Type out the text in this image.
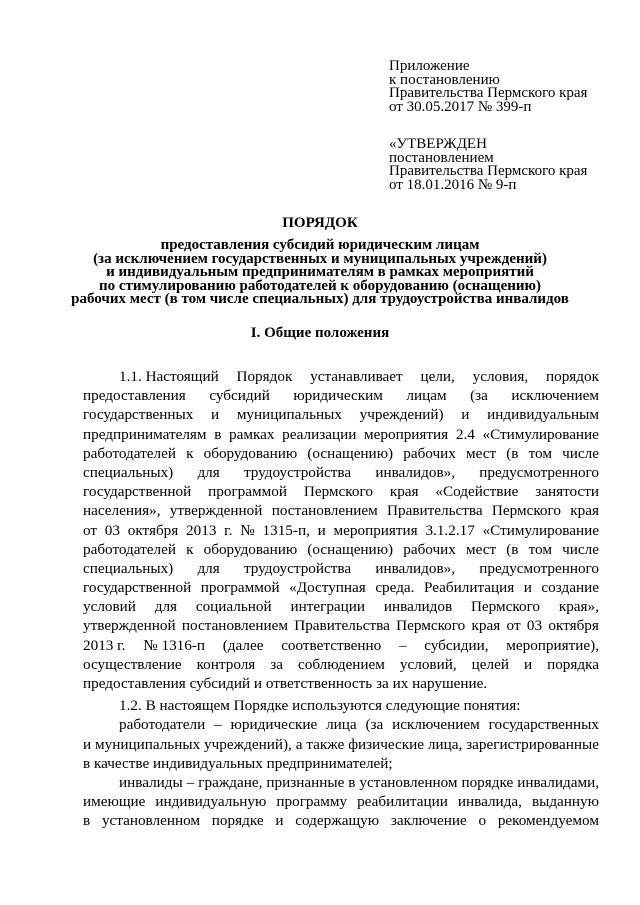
Приложение
к постановлению
Правительства Пермского края
от 30.05.2017 № 399-п
«УТВЕРЖДЕН
постановлением
Правительства Пермского края
от 18.01.2016 № 9-п
ПОРЯДОК
предоставления субсидий юридическим лицам
(за исключением государственных и муниципальных учреждений)
и индивидуальным предпринимателям в рамках мероприятий
по стимулированию работодателей к оборудованию (оснащению)
рабочих мест (в том числе специальных) для трудоустройства инвалидов
I. Общие положения
1.1. Настоящий Порядок устанавливает цели, условия, порядок
предоставления субсидий юридическим лицам (за исключением
государственных и муниципальных учреждений) и индивидуальным
предпринимателям в рамках реализации мероприятия 2.4 «Стимулирование
работодателей к оборудованию (оснащению) рабочих мест (в том числе
специальных) для трудоустройства инвалидов», предусмотренного
государственной программой Пермского края «Содействие занятости
населения», утвержденной постановлением Правительства Пермского края
от 03 октября 2013 г. № 1315-п, и мероприятия 3.1.2.17 «Стимулирование
работодателей к оборудованию (оснащению) рабочих мест (в том числе
специальных) для трудоустройства инвалидов», предусмотренного
государственной программой «Доступная среда. Реабилитация и создание
условий для социальной интеграции инвалидов Пермского края»,
утвержденной постановлением Правительства Пермского края от 03 октября
2013 г. № 1316-п (далее соответственно – субсидии, мероприятие),
осуществление контроля за соблюдением условий, целей и порядка
предоставления субсидий и ответственность за их нарушение.
1.2. В настоящем Порядке используются следующие понятия:
работодатели – юридические лица (за исключением государственных
и муниципальных учреждений), а также физические лица, зарегистрированные
в качестве индивидуальных предпринимателей;
инвалиды – граждане, признанные в установленном порядке инвалидами,
имеющие индивидуальную программу реабилитации инвалида, выданную
в установленном порядке и содержащую заключение о рекомендуемом
